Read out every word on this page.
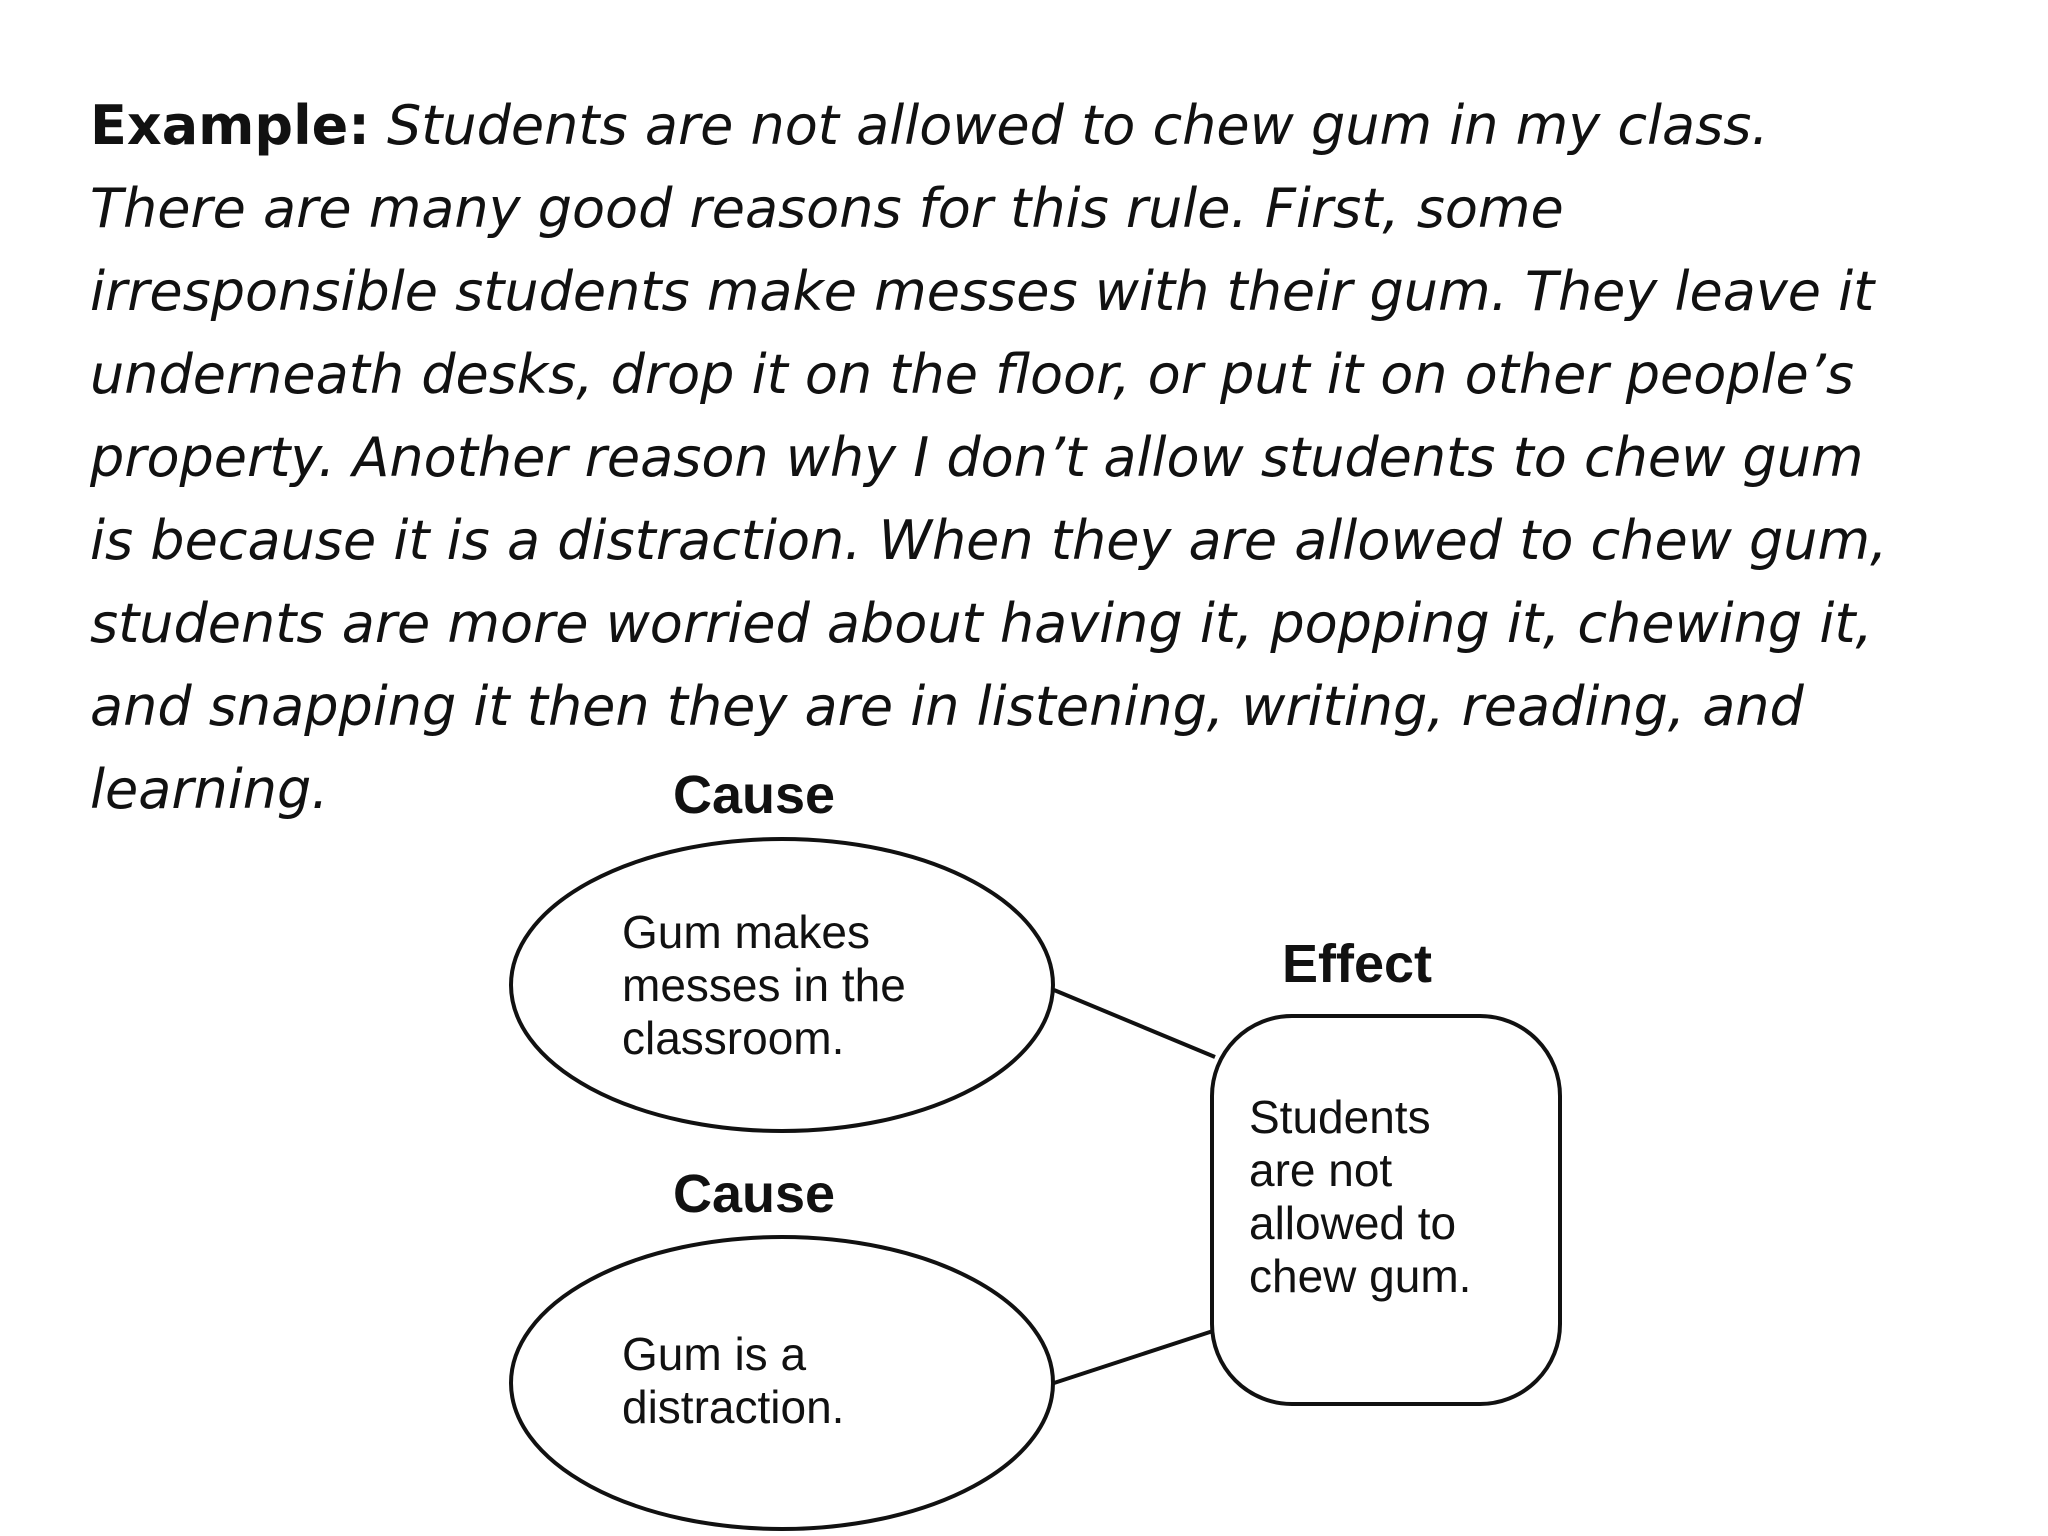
Example: Students are not allowed to chew gum in my class.
There are many good reasons for this rule. First, some
irresponsible students make messes with their gum. They leave it
underneath desks, drop it on the floor, or put it on other people’s
property. Another reason why I don’t allow students to chew gum
is because it is a distraction. When they are allowed to chew gum,
students are more worried about having it, popping it, chewing it,
and snapping it then they are in listening, writing, reading, and
learning.	Cause
Gum makes
messes in the
classroom.
Effect
Students
are not
allowed to
chew gum.
Cause
Gum is a
distraction.
